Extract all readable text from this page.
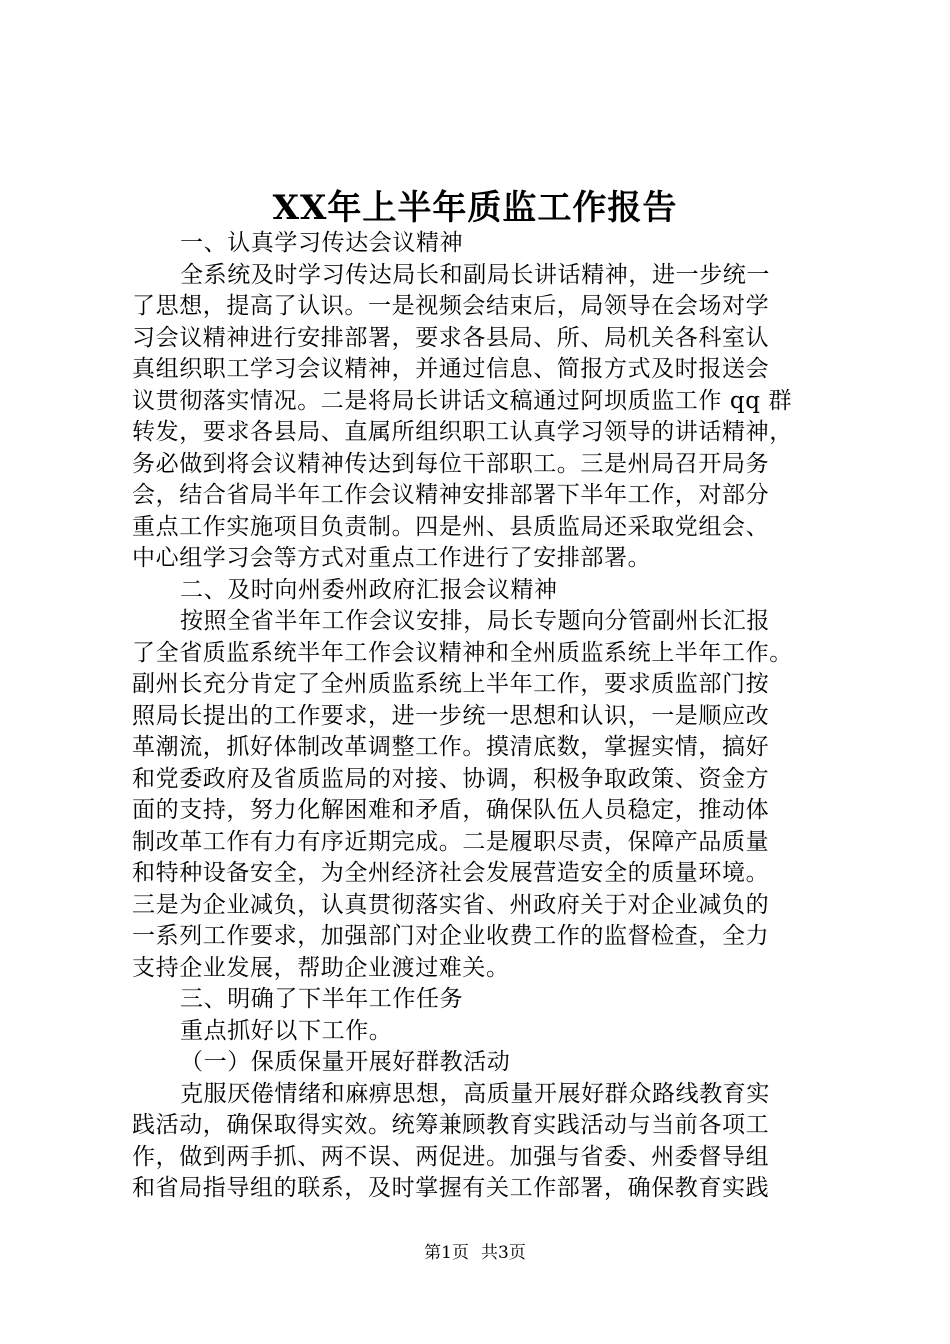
XX年上半年质监工作报告
一、认真学习传达会议精神
全系统及时学习传达局长和副局长讲话精神，进一步统一
了思想，提高了认识。一是视频会结束后，局领导在会场对学
习会议精神进行安排部署，要求各县局、所、局机关各科室认
真组织职工学习会议精神，并通过信息、简报方式及时报送会
议贯彻落实情况。二是将局长讲话文稿通过阿坝质监工作 qq 群
转发，要求各县局、直属所组织职工认真学习领导的讲话精神，
务必做到将会议精神传达到每位干部职工。三是州局召开局务
会，结合省局半年工作会议精神安排部署下半年工作，对部分
重点工作实施项目负责制。四是州、县质监局还采取党组会、
中心组学习会等方式对重点工作进行了安排部署。
二、及时向州委州政府汇报会议精神
按照全省半年工作会议安排，局长专题向分管副州长汇报
了全省质监系统半年工作会议精神和全州质监系统上半年工作。
副州长充分肯定了全州质监系统上半年工作，要求质监部门按
照局长提出的工作要求，进一步统一思想和认识，一是顺应改
革潮流，抓好体制改革调整工作。摸清底数，掌握实情，搞好
和党委政府及省质监局的对接、协调，积极争取政策、资金方
面的支持，努力化解困难和矛盾，确保队伍人员稳定，推动体
制改革工作有力有序近期完成。二是履职尽责，保障产品质量
和特种设备安全，为全州经济社会发展营造安全的质量环境。
三是为企业减负，认真贯彻落实省、州政府关于对企业减负的
一系列工作要求，加强部门对企业收费工作的监督检查，全力
支持企业发展，帮助企业渡过难关。
三、明确了下半年工作任务
重点抓好以下工作。
（一）保质保量开展好群教活动
克服厌倦情绪和麻痹思想，高质量开展好群众路线教育实
践活动，确保取得实效。统筹兼顾教育实践活动与当前各项工
作，做到两手抓、两不误、两促进。加强与省委、州委督导组
和省局指导组的联系，及时掌握有关工作部署，确保教育实践
第1页 共3页
